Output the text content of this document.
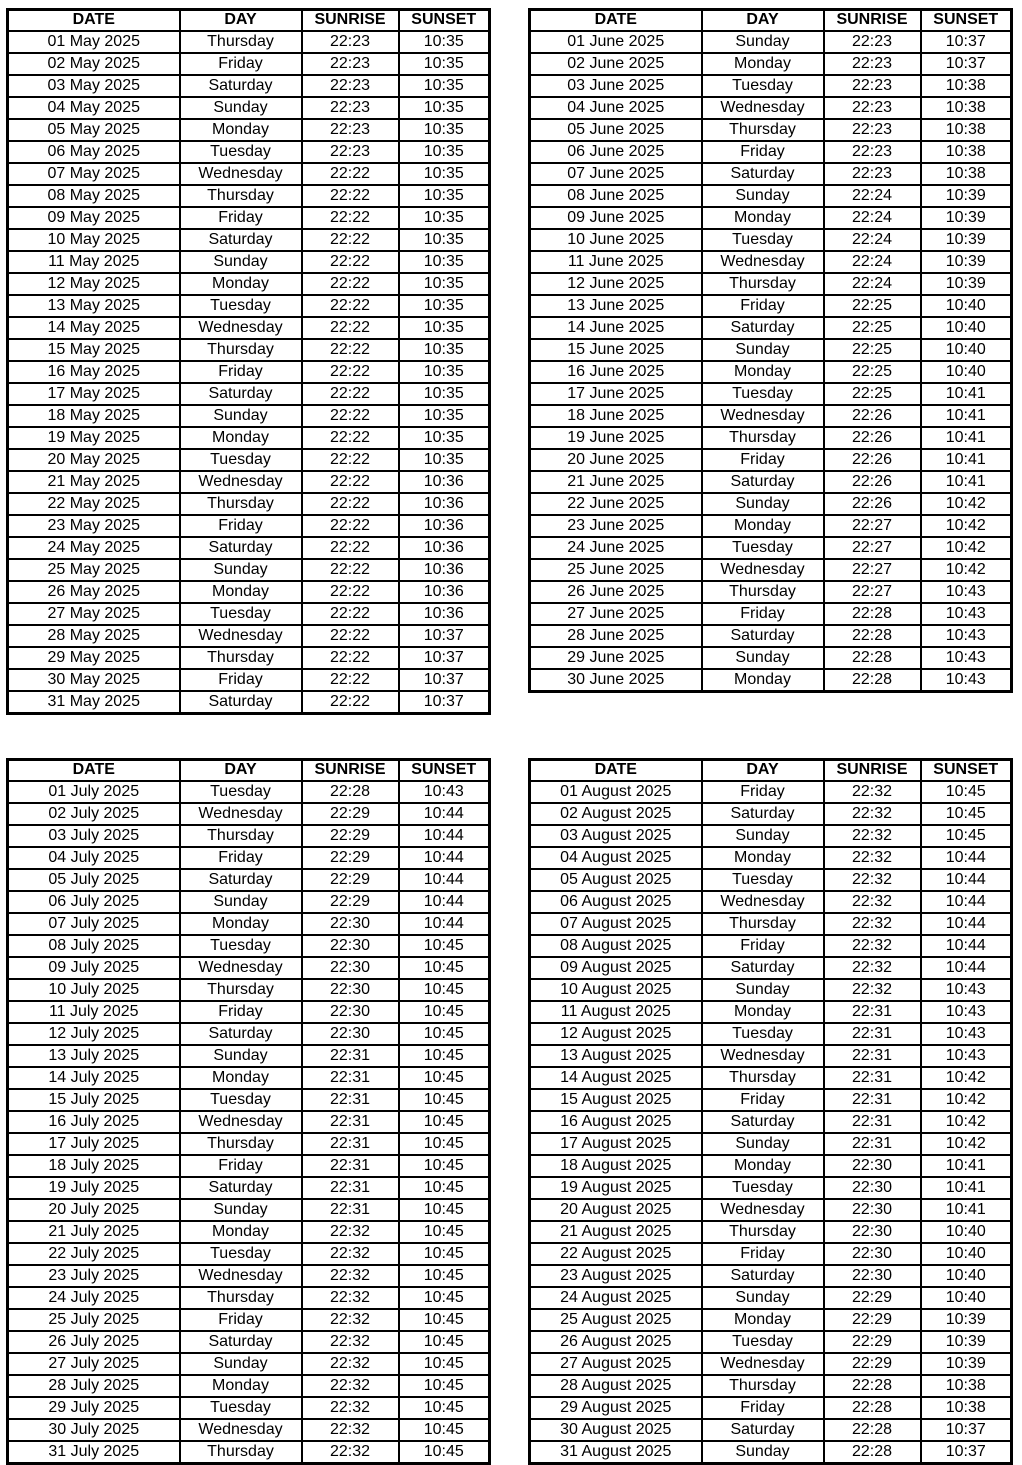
DATE	DAY	SUNRISE	SUNSET
01 May 2025	Thursday	22:23	10:35
02 May 2025	Friday	22:23	10:35
03 May 2025	Saturday	22:23	10:35
04 May 2025	Sunday	22:23	10:35
05 May 2025	Monday	22:23	10:35
06 May 2025	Tuesday	22:23	10:35
07 May 2025	Wednesday	22:22	10:35
08 May 2025	Thursday	22:22	10:35
09 May 2025	Friday	22:22	10:35
10 May 2025	Saturday	22:22	10:35
11 May 2025	Sunday	22:22	10:35
12 May 2025	Monday	22:22	10:35
13 May 2025	Tuesday	22:22	10:35
14 May 2025	Wednesday	22:22	10:35
15 May 2025	Thursday	22:22	10:35
16 May 2025	Friday	22:22	10:35
17 May 2025	Saturday	22:22	10:35
18 May 2025	Sunday	22:22	10:35
19 May 2025	Monday	22:22	10:35
20 May 2025	Tuesday	22:22	10:35
21 May 2025	Wednesday	22:22	10:36
22 May 2025	Thursday	22:22	10:36
23 May 2025	Friday	22:22	10:36
24 May 2025	Saturday	22:22	10:36
25 May 2025	Sunday	22:22	10:36
26 May 2025	Monday	22:22	10:36
27 May 2025	Tuesday	22:22	10:36
28 May 2025	Wednesday	22:22	10:37
29 May 2025	Thursday	22:22	10:37
30 May 2025	Friday	22:22	10:37
31 May 2025	Saturday	22:22	10:37
DATE	DAY	SUNRISE	SUNSET
01 June 2025	Sunday	22:23	10:37
02 June 2025	Monday	22:23	10:37
03 June 2025	Tuesday	22:23	10:38
04 June 2025	Wednesday	22:23	10:38
05 June 2025	Thursday	22:23	10:38
06 June 2025	Friday	22:23	10:38
07 June 2025	Saturday	22:23	10:38
08 June 2025	Sunday	22:24	10:39
09 June 2025	Monday	22:24	10:39
10 June 2025	Tuesday	22:24	10:39
11 June 2025	Wednesday	22:24	10:39
12 June 2025	Thursday	22:24	10:39
13 June 2025	Friday	22:25	10:40
14 June 2025	Saturday	22:25	10:40
15 June 2025	Sunday	22:25	10:40
16 June 2025	Monday	22:25	10:40
17 June 2025	Tuesday	22:25	10:41
18 June 2025	Wednesday	22:26	10:41
19 June 2025	Thursday	22:26	10:41
20 June 2025	Friday	22:26	10:41
21 June 2025	Saturday	22:26	10:41
22 June 2025	Sunday	22:26	10:42
23 June 2025	Monday	22:27	10:42
24 June 2025	Tuesday	22:27	10:42
25 June 2025	Wednesday	22:27	10:42
26 June 2025	Thursday	22:27	10:43
27 June 2025	Friday	22:28	10:43
28 June 2025	Saturday	22:28	10:43
29 June 2025	Sunday	22:28	10:43
30 June 2025	Monday	22:28	10:43
DATE	DAY	SUNRISE	SUNSET
01 July 2025	Tuesday	22:28	10:43
02 July 2025	Wednesday	22:29	10:44
03 July 2025	Thursday	22:29	10:44
04 July 2025	Friday	22:29	10:44
05 July 2025	Saturday	22:29	10:44
06 July 2025	Sunday	22:29	10:44
07 July 2025	Monday	22:30	10:44
08 July 2025	Tuesday	22:30	10:45
09 July 2025	Wednesday	22:30	10:45
10 July 2025	Thursday	22:30	10:45
11 July 2025	Friday	22:30	10:45
12 July 2025	Saturday	22:30	10:45
13 July 2025	Sunday	22:31	10:45
14 July 2025	Monday	22:31	10:45
15 July 2025	Tuesday	22:31	10:45
16 July 2025	Wednesday	22:31	10:45
17 July 2025	Thursday	22:31	10:45
18 July 2025	Friday	22:31	10:45
19 July 2025	Saturday	22:31	10:45
20 July 2025	Sunday	22:31	10:45
21 July 2025	Monday	22:32	10:45
22 July 2025	Tuesday	22:32	10:45
23 July 2025	Wednesday	22:32	10:45
24 July 2025	Thursday	22:32	10:45
25 July 2025	Friday	22:32	10:45
26 July 2025	Saturday	22:32	10:45
27 July 2025	Sunday	22:32	10:45
28 July 2025	Monday	22:32	10:45
29 July 2025	Tuesday	22:32	10:45
30 July 2025	Wednesday	22:32	10:45
31 July 2025	Thursday	22:32	10:45
DATE	DAY	SUNRISE	SUNSET
01 August 2025	Friday	22:32	10:45
02 August 2025	Saturday	22:32	10:45
03 August 2025	Sunday	22:32	10:45
04 August 2025	Monday	22:32	10:44
05 August 2025	Tuesday	22:32	10:44
06 August 2025	Wednesday	22:32	10:44
07 August 2025	Thursday	22:32	10:44
08 August 2025	Friday	22:32	10:44
09 August 2025	Saturday	22:32	10:44
10 August 2025	Sunday	22:32	10:43
11 August 2025	Monday	22:31	10:43
12 August 2025	Tuesday	22:31	10:43
13 August 2025	Wednesday	22:31	10:43
14 August 2025	Thursday	22:31	10:42
15 August 2025	Friday	22:31	10:42
16 August 2025	Saturday	22:31	10:42
17 August 2025	Sunday	22:31	10:42
18 August 2025	Monday	22:30	10:41
19 August 2025	Tuesday	22:30	10:41
20 August 2025	Wednesday	22:30	10:41
21 August 2025	Thursday	22:30	10:40
22 August 2025	Friday	22:30	10:40
23 August 2025	Saturday	22:30	10:40
24 August 2025	Sunday	22:29	10:40
25 August 2025	Monday	22:29	10:39
26 August 2025	Tuesday	22:29	10:39
27 August 2025	Wednesday	22:29	10:39
28 August 2025	Thursday	22:28	10:38
29 August 2025	Friday	22:28	10:38
30 August 2025	Saturday	22:28	10:37
31 August 2025	Sunday	22:28	10:37
